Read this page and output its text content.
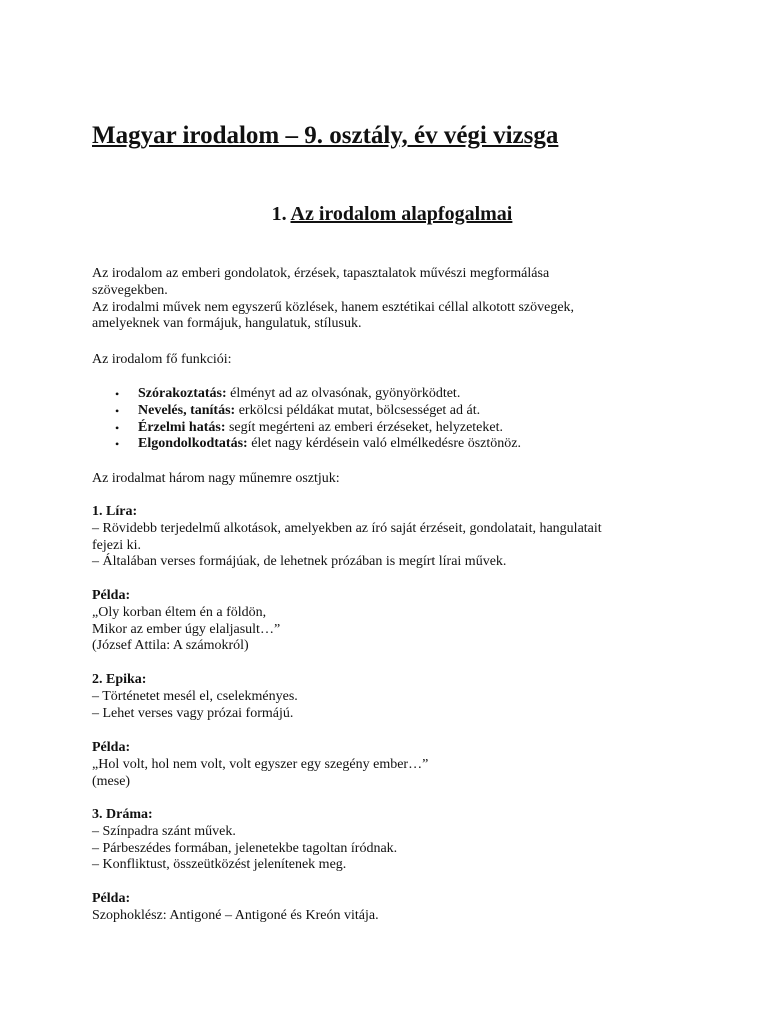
Magyar irodalom – 9. osztály, év végi vizsga
1. Az irodalom alapfogalmai

Az irodalom az emberi gondolatok, érzések, tapasztalatok művészi megformálása

szövegekben.

Az irodalmi művek nem egyszerű közlések, hanem esztétikai céllal alkotott szövegek,

amelyeknek van formájuk, hangulatuk, stílusuk.

Az irodalom fő funkciói:

• Szórakoztatás: élményt ad az olvasónak, gyönyörködtet.
• Nevelés, tanítás: erkölcsi példákat mutat, bölcsességet ad át.
• Érzelmi hatás: segít megérteni az emberi érzéseket, helyzeteket.
• Elgondolkodtatás: élet nagy kérdésein való elmélkedésre ösztönöz.

Az irodalmat három nagy műnemre osztjuk:

1. Líra:

– Rövidebb terjedelmű alkotások, amelyekben az író saját érzéseit, gondolatait, hangulatait

fejezi ki.

– Általában verses formájúak, de lehetnek prózában is megírt lírai művek.

Példa:

„Oly korban éltem én a földön,

Mikor az ember úgy elaljasult…”

(József Attila: A számokról)

2. Epika:

– Történetet mesél el, cselekményes.

– Lehet verses vagy prózai formájú.

Példa:

„Hol volt, hol nem volt, volt egyszer egy szegény ember…”

(mese)

3. Dráma:

– Színpadra szánt művek.

– Párbeszédes formában, jelenetekbe tagoltan íródnak.

– Konfliktust, összeütközést jelenítenek meg.

Példa:

Szophoklész: Antigoné – Antigoné és Kreón vitája.
